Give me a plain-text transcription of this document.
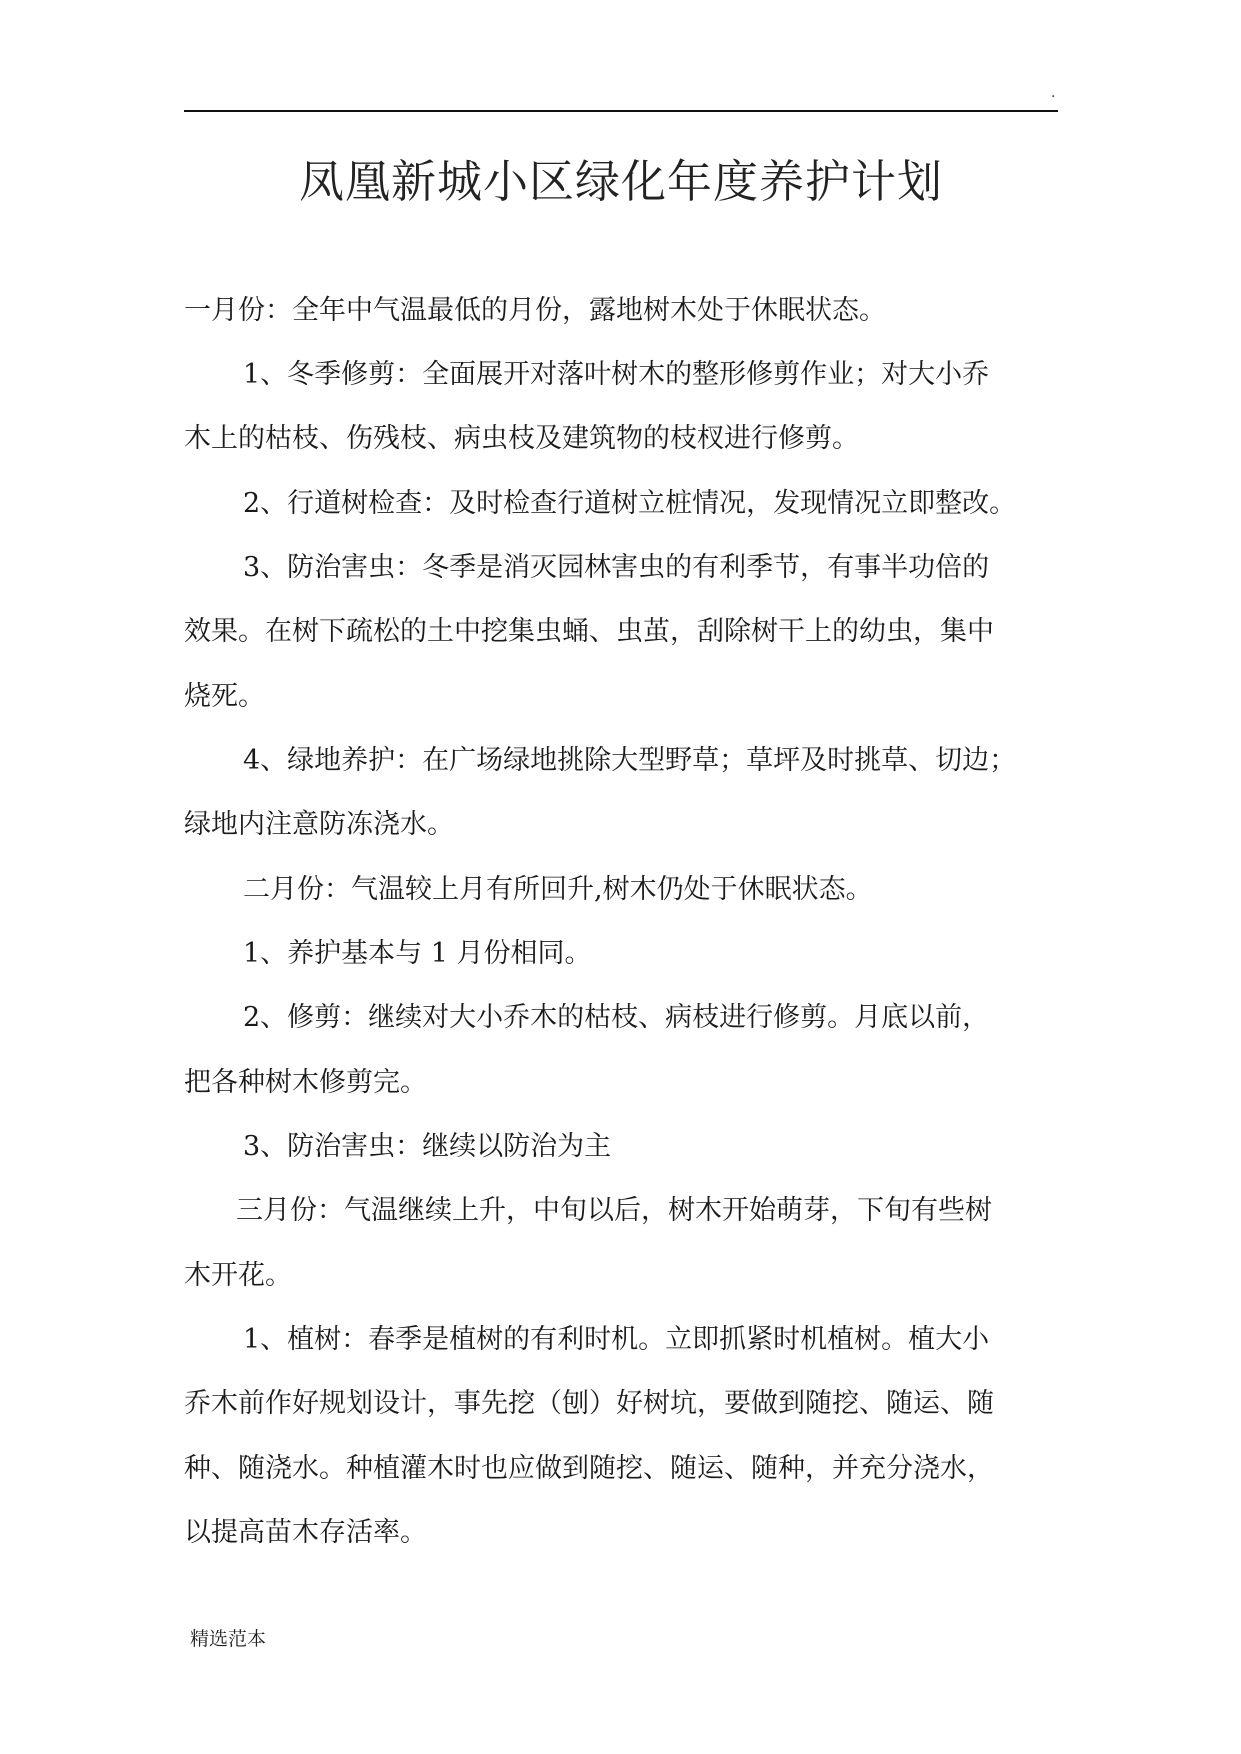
.
凤凰新城小区绿化年度养护计划

一月份：全年中气温最低的月份，露地树木处于休眠状态。

1、冬季修剪：全面展开对落叶树木的整形修剪作业；对大小乔

木上的枯枝、伤残枝、病虫枝及建筑物的枝杈进行修剪。

2、行道树检查：及时检查行道树立桩情况，发现情况立即整改。

3、防治害虫：冬季是消灭园林害虫的有利季节，有事半功倍的

效果。在树下疏松的土中挖集虫蛹、虫茧，刮除树干上的幼虫，集中

烧死。

4、绿地养护：在广场绿地挑除大型野草；草坪及时挑草、切边；

绿地内注意防冻浇水。

二月份：气温较上月有所回升,树木仍处于休眠状态。

1、养护基本与 1 月份相同。

2、修剪：继续对大小乔木的枯枝、病枝进行修剪。月底以前，

把各种树木修剪完。

3、防治害虫：继续以防治为主

三月份：气温继续上升，中旬以后，树木开始萌芽，下旬有些树

木开花。

1、植树：春季是植树的有利时机。立即抓紧时机植树。植大小

乔木前作好规划设计，事先挖（刨）好树坑，要做到随挖、随运、随

种、随浇水。种植灌木时也应做到随挖、随运、随种，并充分浇水，

以提高苗木存活率。

精选范本
